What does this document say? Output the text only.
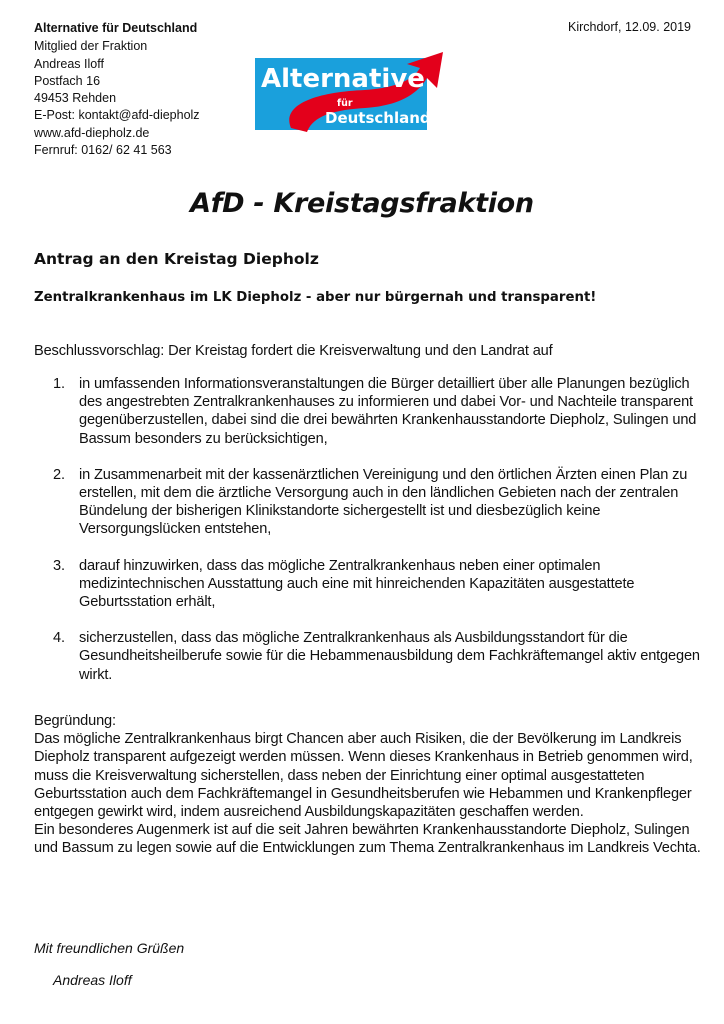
Alternative für Deutschland
Mitglied der Fraktion
Andreas Iloff
Postfach 16
49453 Rehden
E-Post: kontakt@afd-diepholz
www.afd-diepholz.de
Fernruf: 0162/ 62 41 563
Kirchdorf, 12.09. 2019
Alternative
für
Deutschland
AfD - Kreistagsfraktion
Antrag an den Kreistag Diepholz
Zentralkrankenhaus im LK Diepholz - aber nur bürgernah und transparent!
Beschlussvorschlag: Der Kreistag fordert die Kreisverwaltung und den Landrat auf
1. in umfassenden Informationsveranstaltungen die Bürger detailliert über alle Planungen bezüglich des angestrebten Zentralkrankenhauses zu informieren und dabei Vor- und Nachteile transparent gegenüberzustellen, dabei sind die drei bewährten Krankenhausstandorte Diepholz, Sulingen und Bassum besonders zu berücksichtigen,
2. in Zusammenarbeit mit der kassenärztlichen Vereinigung und den örtlichen Ärzten einen Plan zu erstellen, mit dem die ärztliche Versorgung auch in den ländlichen Gebieten nach der zentralen Bündelung der bisherigen Klinikstandorte sichergestellt ist und diesbezüglich keine Versorgungslücken entstehen,
3. darauf hinzuwirken, dass das mögliche Zentralkrankenhaus neben einer optimalen medizintechnischen Ausstattung auch eine mit hinreichenden Kapazitäten ausgestattete Geburtsstation erhält,
4. sicherzustellen, dass das mögliche Zentralkrankenhaus als Ausbildungsstandort für die Gesundheitsheilberufe sowie für die Hebammenausbildung dem Fachkräftemangel aktiv entgegen wirkt.
Begründung:
Das mögliche Zentralkrankenhaus birgt Chancen aber auch Risiken, die der Bevölkerung im Landkreis Diepholz transparent aufgezeigt werden müssen. Wenn dieses Krankenhaus in Betrieb genommen wird, muss die Kreisverwaltung sicherstellen, dass neben der Einrichtung einer optimal ausgestatteten Geburtsstation auch dem Fachkräftemangel in Gesundheitsberufen wie Hebammen und Krankenpfleger entgegen gewirkt wird, indem ausreichend Ausbildungskapazitäten geschaffen werden.
Ein besonderes Augenmerk ist auf die seit Jahren bewährten Krankenhausstandorte Diepholz, Sulingen und Bassum zu legen sowie auf die Entwicklungen zum Thema Zentralkrankenhaus im Landkreis Vechta.
Mit freundlichen Grüßen
Andreas Iloff
